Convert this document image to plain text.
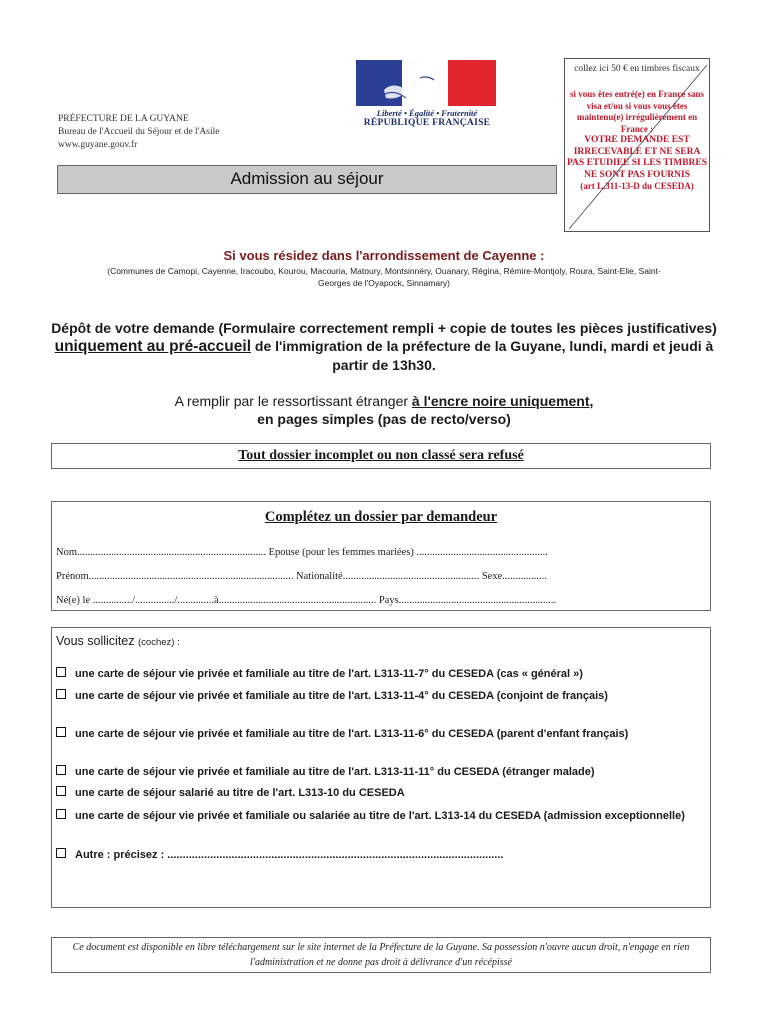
PRÉFECTURE DE LA GUYANE
Bureau de l'Accueil du Séjour et de l'Asile
www.guyane.gouv.fr
Liberté • Égalité • Fraternité
RÉPUBLIQUE FRANÇAISE
collez ici 50 € en timbres fiscaux
si vous êtes entré(e) en France sans visa et/ou si vous vous êtes maintenu(e) irrégulièrement en France :
VOTRE DEMANDE EST IRRECEVABLE ET NE SERA PAS ETUDIEE SI LES TIMBRES NE SONT PAS FOURNIS
(art L.311-13-D du CESEDA)
Admission au séjour
Si vous résidez dans l'arrondissement de Cayenne :
(Communes de Camopi, Cayenne, Iracoubo, Kourou, Macouria, Matoury, Montsinnéry, Ouanary, Régina, Rémire-Montjoly, Roura, Saint-Elie, Saint-Georges de l'Oyapock, Sinnamary)
Dépôt de votre demande (Formulaire correctement rempli + copie de toutes les pièces justificatives) uniquement au pré-accueil de l'immigration de la préfecture de la Guyane, lundi, mardi et jeudi à partir de 13h30.
A remplir par le ressortissant étranger à l'encre noire uniquement,
en pages simples (pas de recto/verso)
Tout dossier incomplet ou non classé sera refusé
Complétez un dossier par demandeur
Nom........................................................................ Epouse (pour les femmes mariées) ..................................................
Prénom.............................................................................. Nationalité.................................................... Sexe.................
Né(e) le .............../.............../..............à............................................................ Pays............................................................
Vous sollicitez (cochez) :
une carte de séjour vie privée et familiale au titre de l'art. L313-11-7° du CESEDA (cas « général »)
une carte de séjour vie privée et familiale au titre de l'art. L313-11-4° du CESEDA (conjoint de français)
une carte de séjour vie privée et familiale au titre de l'art. L313-11-6° du CESEDA (parent d'enfant français)
une carte de séjour vie privée et familiale au titre de l'art. L313-11-11° du CESEDA (étranger malade)
une carte de séjour salarié au titre de l'art. L313-10 du CESEDA
une carte de séjour vie privée et familiale ou salariée au titre de l'art. L313-14 du CESEDA (admission exceptionnelle)
Autre : précisez : ..............................................................................................................
Ce document est disponible en libre téléchargement sur le site internet de la Préfecture de la Guyane. Sa possession n'ouvre aucun droit, n'engage en rien l'administration et ne donne pas droit à délivrance d'un récépissé
